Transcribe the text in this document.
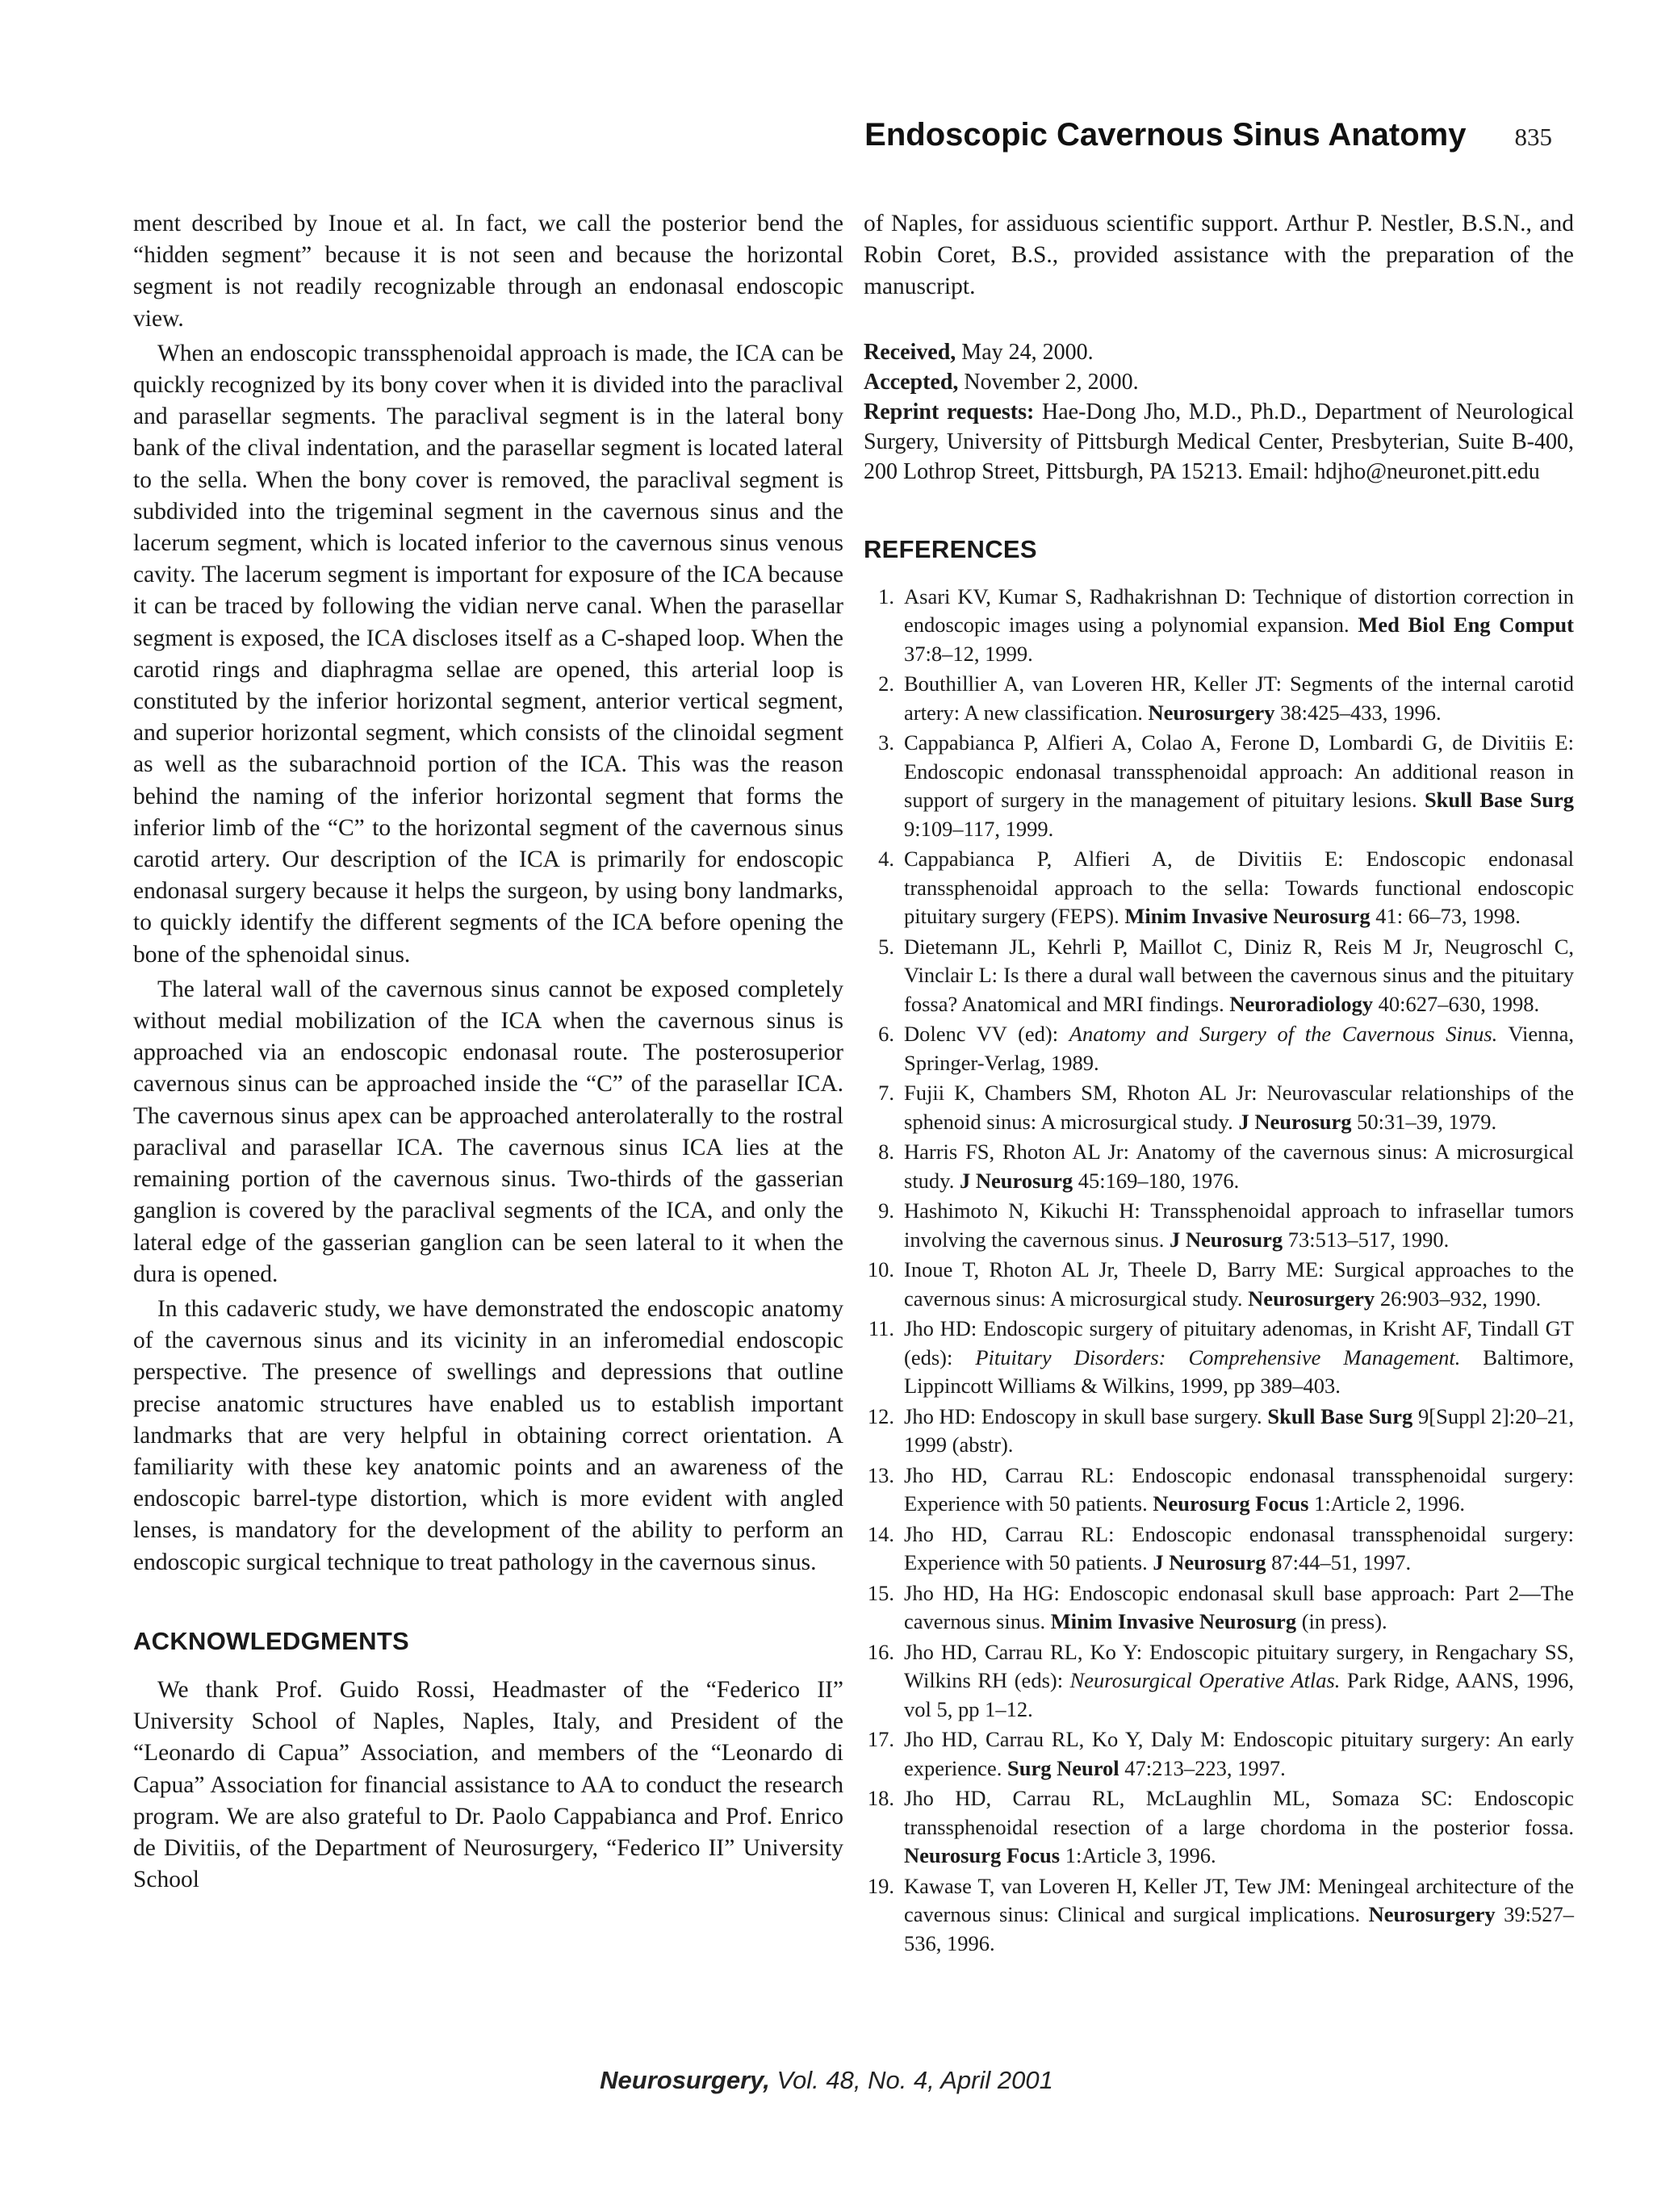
Endoscopic Cavernous Sinus Anatomy 835

ment described by Inoue et al. In fact, we call the posterior bend the “hidden segment” because it is not seen and because the horizontal segment is not readily recognizable through an endonasal endoscopic view.

When an endoscopic transsphenoidal approach is made, the ICA can be quickly recognized by its bony cover when it is divided into the paraclival and parasellar segments. The paraclival segment is in the lateral bony bank of the clival indentation, and the parasellar segment is located lateral to the sella. When the bony cover is removed, the paraclival segment is subdivided into the trigeminal segment in the cavernous sinus and the lacerum segment, which is located inferior to the cavernous sinus venous cavity. The lacerum segment is important for exposure of the ICA because it can be traced by following the vidian nerve canal. When the parasellar segment is exposed, the ICA discloses itself as a C-shaped loop. When the carotid rings and diaphragma sellae are opened, this arterial loop is constituted by the inferior horizontal segment, anterior vertical segment, and superior horizontal segment, which consists of the clinoidal segment as well as the subarachnoid portion of the ICA. This was the reason behind the naming of the inferior horizontal segment that forms the inferior limb of the “C” to the horizontal segment of the cavernous sinus carotid artery. Our description of the ICA is primarily for endoscopic endonasal surgery because it helps the surgeon, by using bony landmarks, to quickly identify the different segments of the ICA before opening the bone of the sphenoidal sinus.

The lateral wall of the cavernous sinus cannot be exposed completely without medial mobilization of the ICA when the cavernous sinus is approached via an endoscopic endonasal route. The posterosuperior cavernous sinus can be approached inside the “C” of the parasellar ICA. The cavernous sinus apex can be approached anterolaterally to the rostral paraclival and parasellar ICA. The cavernous sinus ICA lies at the remaining portion of the cavernous sinus. Two-thirds of the gasserian ganglion is covered by the paraclival segments of the ICA, and only the lateral edge of the gasserian ganglion can be seen lateral to it when the dura is opened.

In this cadaveric study, we have demonstrated the endoscopic anatomy of the cavernous sinus and its vicinity in an inferomedial endoscopic perspective. The presence of swellings and depressions that outline precise anatomic structures have enabled us to establish important landmarks that are very helpful in obtaining correct orientation. A familiarity with these key anatomic points and an awareness of the endoscopic barrel-type distortion, which is more evident with angled lenses, is mandatory for the development of the ability to perform an endoscopic surgical technique to treat pathology in the cavernous sinus.

ACKNOWLEDGMENTS

We thank Prof. Guido Rossi, Headmaster of the “Federico II” University School of Naples, Naples, Italy, and President of the “Leonardo di Capua” Association, and members of the “Leonardo di Capua” Association for financial assistance to AA to conduct the research program. We are also grateful to Dr. Paolo Cappabianca and Prof. Enrico de Divitiis, of the Department of Neurosurgery, “Federico II” University School

of Naples, for assiduous scientific support. Arthur P. Nestler, B.S.N., and Robin Coret, B.S., provided assistance with the preparation of the manuscript.

Received, May 24, 2000.

Accepted, November 2, 2000.

Reprint requests: Hae-Dong Jho, M.D., Ph.D., Department of Neurological Surgery, University of Pittsburgh Medical Center, Presbyterian, Suite B-400, 200 Lothrop Street, Pittsburgh, PA 15213. Email: hdjho@neuronet.pitt.edu

REFERENCES
1. Asari KV, Kumar S, Radhakrishnan D: Technique of distortion correction in endoscopic images using a polynomial expansion. Med Biol Eng Comput 37:8–12, 1999.
2. Bouthillier A, van Loveren HR, Keller JT: Segments of the internal carotid artery: A new classification. Neurosurgery 38:425–433, 1996.
3. Cappabianca P, Alfieri A, Colao A, Ferone D, Lombardi G, de Divitiis E: Endoscopic endonasal transsphenoidal approach: An additional reason in support of surgery in the management of pituitary lesions. Skull Base Surg 9:109–117, 1999.
4. Cappabianca P, Alfieri A, de Divitiis E: Endoscopic endonasal transsphenoidal approach to the sella: Towards functional endoscopic pituitary surgery (FEPS). Minim Invasive Neurosurg 41: 66–73, 1998.
5. Dietemann JL, Kehrli P, Maillot C, Diniz R, Reis M Jr, Neugroschl C, Vinclair L: Is there a dural wall between the cavernous sinus and the pituitary fossa? Anatomical and MRI findings. Neuroradiology 40:627–630, 1998.
6. Dolenc VV (ed): Anatomy and Surgery of the Cavernous Sinus. Vienna, Springer-Verlag, 1989.
7. Fujii K, Chambers SM, Rhoton AL Jr: Neurovascular relationships of the sphenoid sinus: A microsurgical study. J Neurosurg 50:31–39, 1979.
8. Harris FS, Rhoton AL Jr: Anatomy of the cavernous sinus: A microsurgical study. J Neurosurg 45:169–180, 1976.
9. Hashimoto N, Kikuchi H: Transsphenoidal approach to infrasellar tumors involving the cavernous sinus. J Neurosurg 73:513–517, 1990.
10. Inoue T, Rhoton AL Jr, Theele D, Barry ME: Surgical approaches to the cavernous sinus: A microsurgical study. Neurosurgery 26:903–932, 1990.
11. Jho HD: Endoscopic surgery of pituitary adenomas, in Krisht AF, Tindall GT (eds): Pituitary Disorders: Comprehensive Management. Baltimore, Lippincott Williams & Wilkins, 1999, pp 389–403.
12. Jho HD: Endoscopy in skull base surgery. Skull Base Surg 9[Suppl 2]:20–21, 1999 (abstr).
13. Jho HD, Carrau RL: Endoscopic endonasal transsphenoidal surgery: Experience with 50 patients. Neurosurg Focus 1:Article 2, 1996.
14. Jho HD, Carrau RL: Endoscopic endonasal transsphenoidal surgery: Experience with 50 patients. J Neurosurg 87:44–51, 1997.
15. Jho HD, Ha HG: Endoscopic endonasal skull base approach: Part 2—The cavernous sinus. Minim Invasive Neurosurg (in press).
16. Jho HD, Carrau RL, Ko Y: Endoscopic pituitary surgery, in Rengachary SS, Wilkins RH (eds): Neurosurgical Operative Atlas. Park Ridge, AANS, 1996, vol 5, pp 1–12.
17. Jho HD, Carrau RL, Ko Y, Daly M: Endoscopic pituitary surgery: An early experience. Surg Neurol 47:213–223, 1997.
18. Jho HD, Carrau RL, McLaughlin ML, Somaza SC: Endoscopic transsphenoidal resection of a large chordoma in the posterior fossa. Neurosurg Focus 1:Article 3, 1996.
19. Kawase T, van Loveren H, Keller JT, Tew JM: Meningeal architecture of the cavernous sinus: Clinical and surgical implications. Neurosurgery 39:527–536, 1996.
Neurosurgery, Vol. 48, No. 4, April 2001
